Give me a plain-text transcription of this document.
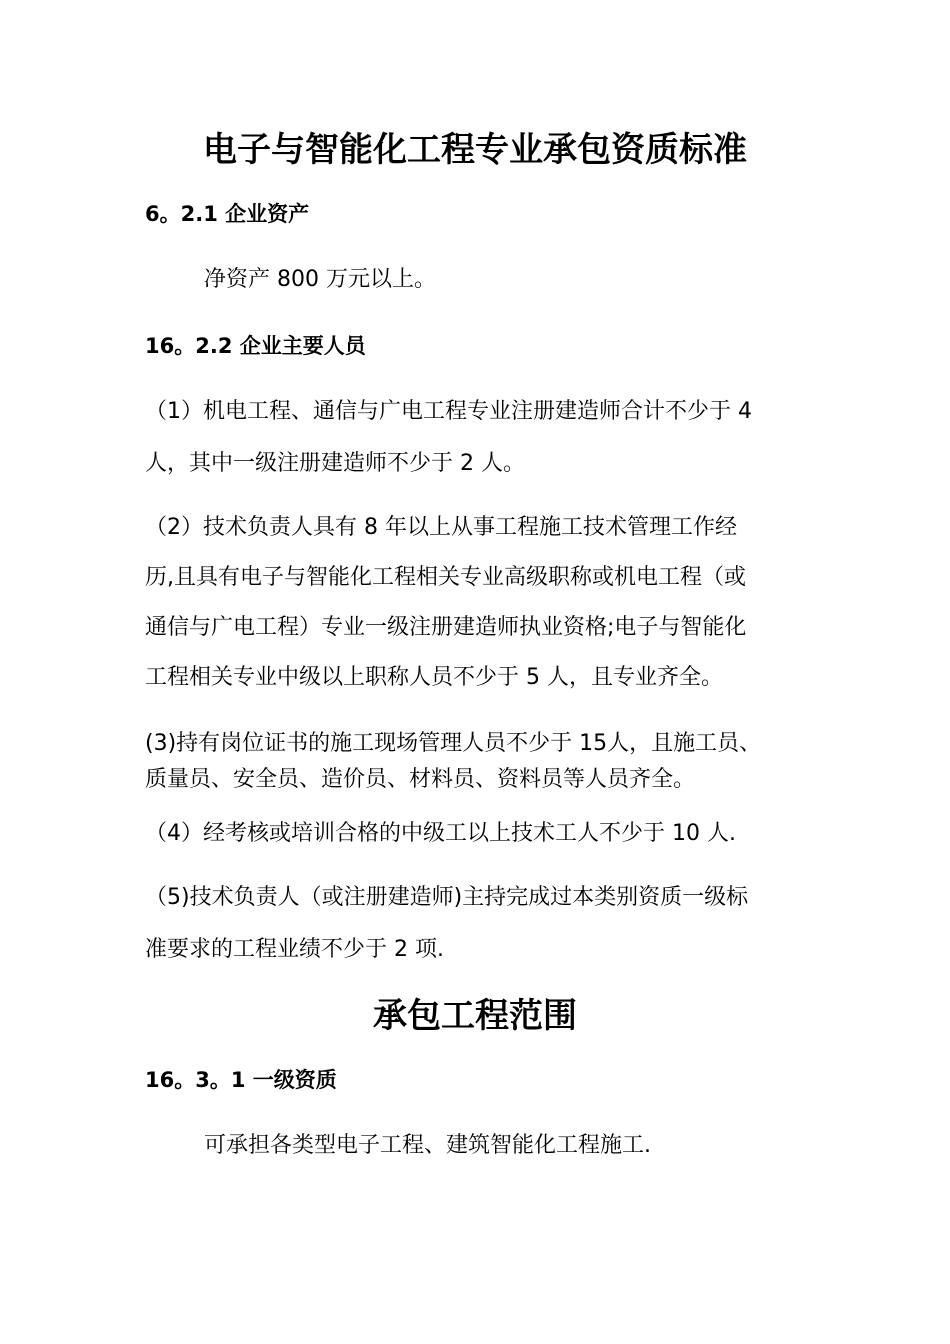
电子与智能化工程专业承包资质标准
6。2.1 企业资产
净资产 800 万元以上。
16。2.2 企业主要人员
（1）机电工程、通信与广电工程专业注册建造师合计不少于 4
人，其中一级注册建造师不少于 2 人。
（2）技术负责人具有 8 年以上从事工程施工技术管理工作经
历,且具有电子与智能化工程相关专业高级职称或机电工程（或
通信与广电工程）专业一级注册建造师执业资格;电子与智能化
工程相关专业中级以上职称人员不少于 5 人，且专业齐全。
(3)持有岗位证书的施工现场管理人员不少于 15人，且施工员、
质量员、安全员、造价员、材料员、资料员等人员齐全。
（4）经考核或培训合格的中级工以上技术工人不少于 10 人.
（5)技术负责人（或注册建造师)主持完成过本类别资质一级标
准要求的工程业绩不少于 2 项.
承包工程范围
16。3。1 一级资质
可承担各类型电子工程、建筑智能化工程施工.
